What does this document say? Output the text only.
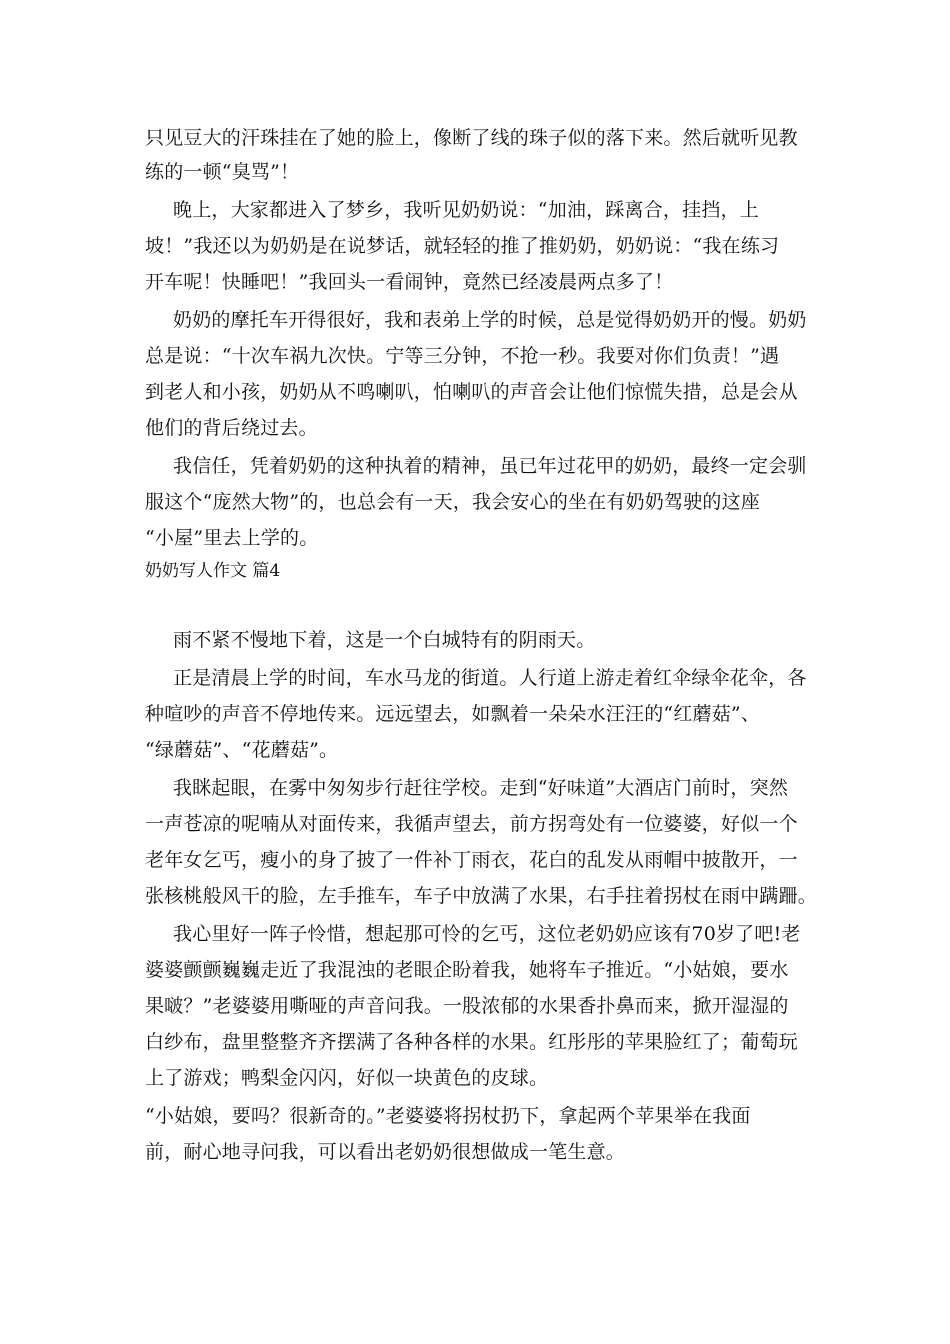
只见豆大的汗珠挂在了她的脸上，像断了线的珠子似的落下来。然后就听见教
练的一顿“臭骂”！
晚上，大家都进入了梦乡，我听见奶奶说：“加油，踩离合，挂挡，上
坡！”我还以为奶奶是在说梦话，就轻轻的推了推奶奶，奶奶说：“我在练习
开车呢！快睡吧！”我回头一看闹钟，竟然已经凌晨两点多了！
奶奶的摩托车开得很好，我和表弟上学的时候，总是觉得奶奶开的慢。奶奶
总是说：“十次车祸九次快。宁等三分钟，不抢一秒。我要对你们负责！”遇
到老人和小孩，奶奶从不鸣喇叭，怕喇叭的声音会让他们惊慌失措，总是会从
他们的背后绕过去。
我信任，凭着奶奶的这种执着的精神，虽已年过花甲的奶奶，最终一定会驯
服这个“庞然大物”的，也总会有一天，我会安心的坐在有奶奶驾驶的这座
“小屋”里去上学的。
奶奶写人作文 篇4
雨不紧不慢地下着，这是一个白城特有的阴雨天。
正是清晨上学的时间，车水马龙的街道。人行道上游走着红伞绿伞花伞，各
种喧吵的声音不停地传来。远远望去，如飘着一朵朵水汪汪的“红蘑菇”、
“绿蘑菇”、“花蘑菇”。
我眯起眼，在雾中匆匆步行赶往学校。走到“好味道”大酒店门前时，突然
一声苍凉的呢喃从对面传来，我循声望去，前方拐弯处有一位婆婆，好似一个
老年女乞丐，瘦小的身了披了一件补丁雨衣，花白的乱发从雨帽中披散开，一
张核桃般风干的脸，左手推车，车子中放满了水果，右手拄着拐杖在雨中蹒跚。
我心里好一阵子怜惜，想起那可怜的乞丐，这位老奶奶应该有70岁了吧!老
婆婆颤颤巍巍走近了我混浊的老眼企盼着我，她将车子推近。“小姑娘，要水
果啵？”老婆婆用嘶哑的声音问我。一股浓郁的水果香扑鼻而来，掀开湿湿的
白纱布，盘里整整齐齐摆满了各种各样的水果。红彤彤的苹果脸红了；葡萄玩
上了游戏；鸭梨金闪闪，好似一块黄色的皮球。
“小姑娘，要吗？很新奇的。”老婆婆将拐杖扔下，拿起两个苹果举在我面
前，耐心地寻问我，可以看出老奶奶很想做成一笔生意。
